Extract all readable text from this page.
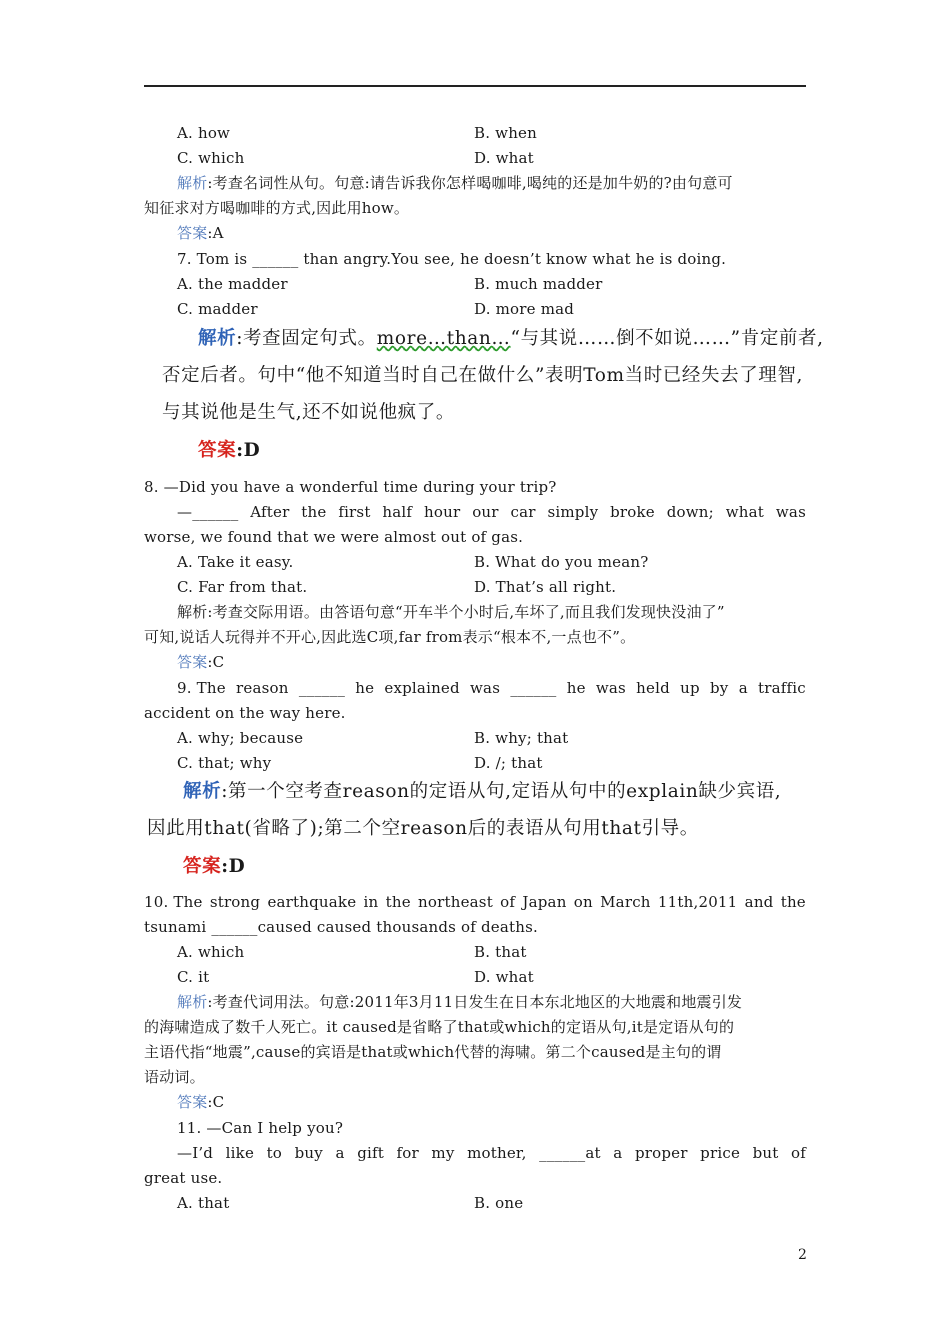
A. how	B. when
C. which	D. what
解析:考查名词性从句。句意:请告诉我你怎样喝咖啡,喝纯的还是加牛奶的?由句意可
知征求对方喝咖啡的方式,因此用how。
答案:A
7. Tom is ______ than angry.You see, he doesn’t know what he is doing.
A. the madder	B. much madder
C. madder	D. more mad
解析:考查固定句式。more…than…“与其说……倒不如说……”肯定前者,
否定后者。句中“他不知道当时自己在做什么”表明Tom当时已经失去了理智,
与其说他是生气,还不如说他疯了。
答案:D
8. —Did you have a wonderful time during your trip?
—______ After the first half hour our car simply broke down; what was
worse, we found that we were almost out of gas.
A. Take it easy.	B. What do you mean?
C. Far from that.	D. That’s all right.
解析:考查交际用语。由答语句意“开车半个小时后,车坏了,而且我们发现快没油了”
可知,说话人玩得并不开心,因此选C项,far from表示“根本不,一点也不”。
答案:C
9. The reason ______ he explained was ______ he was held up by a traffic
accident on the way here.
A. why; because	B. why; that
C. that; why	D. /; that
解析:第一个空考查reason的定语从句,定语从句中的explain缺少宾语,
因此用that(省略了);第二个空reason后的表语从句用that引导。
答案:D
10. The strong earthquake in the northeast of Japan on March 11th,2011 and the
tsunami ______caused caused thousands of deaths.
A. which	B. that
C. it	D. what
解析:考查代词用法。句意:2011年3月11日发生在日本东北地区的大地震和地震引发
的海啸造成了数千人死亡。it caused是省略了that或which的定语从句,it是定语从句的
主语代指“地震”,cause的宾语是that或which代替的海啸。第二个caused是主句的谓
语动词。
答案:C
11. —Can I help you?
—I’d like to buy a gift for my mother, ______at a proper price but of
great use.
A. that	B. one
2
